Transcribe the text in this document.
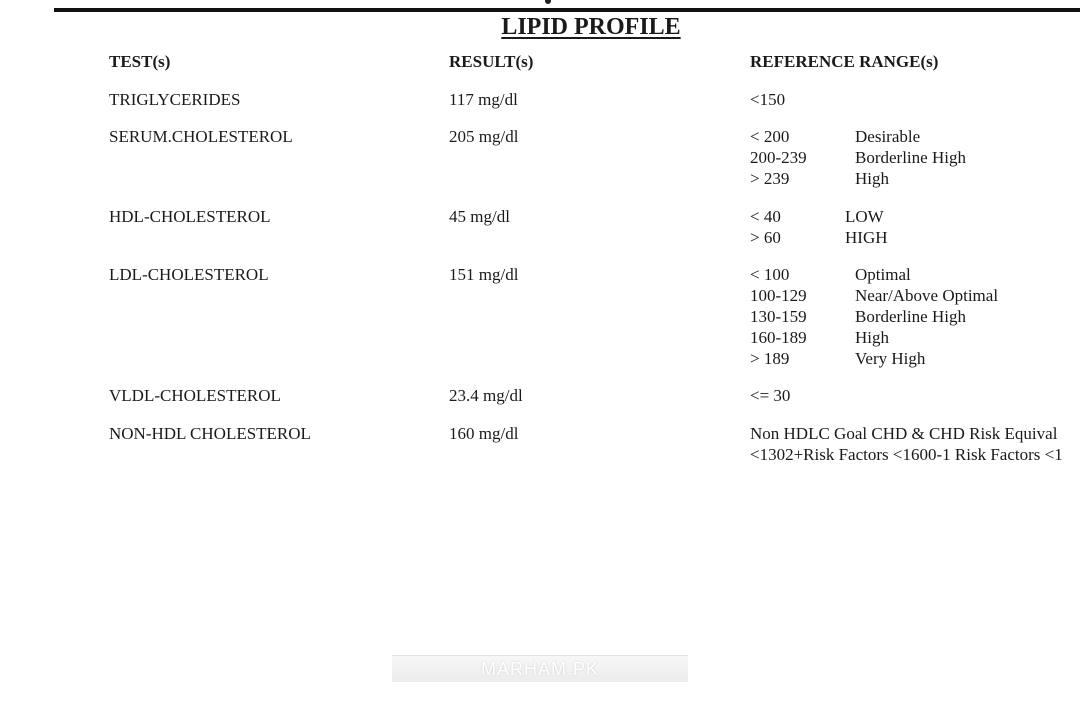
LIPID PROFILE
TEST(s)	RESULT(s)	REFERENCE RANGE(s)
TRIGLYCERIDES	117 mg/dl	<150
SERUM.CHOLESTEROL	205 mg/dl	< 200	Desirable
200-239	Borderline High
> 239	High
HDL-CHOLESTEROL	45 mg/dl	< 40	LOW
> 60	HIGH
LDL-CHOLESTEROL	151 mg/dl	< 100	Optimal
100-129	Near/Above Optimal
130-159	Borderline High
160-189	High
> 189	Very High
VLDL-CHOLESTEROL	23.4 mg/dl	<= 30
NON-HDL CHOLESTEROL	160 mg/dl	Non HDLC Goal CHD & CHD Risk Equival
<1302+Risk Factors <1600-1 Risk Factors <1
MARHAM.PK
